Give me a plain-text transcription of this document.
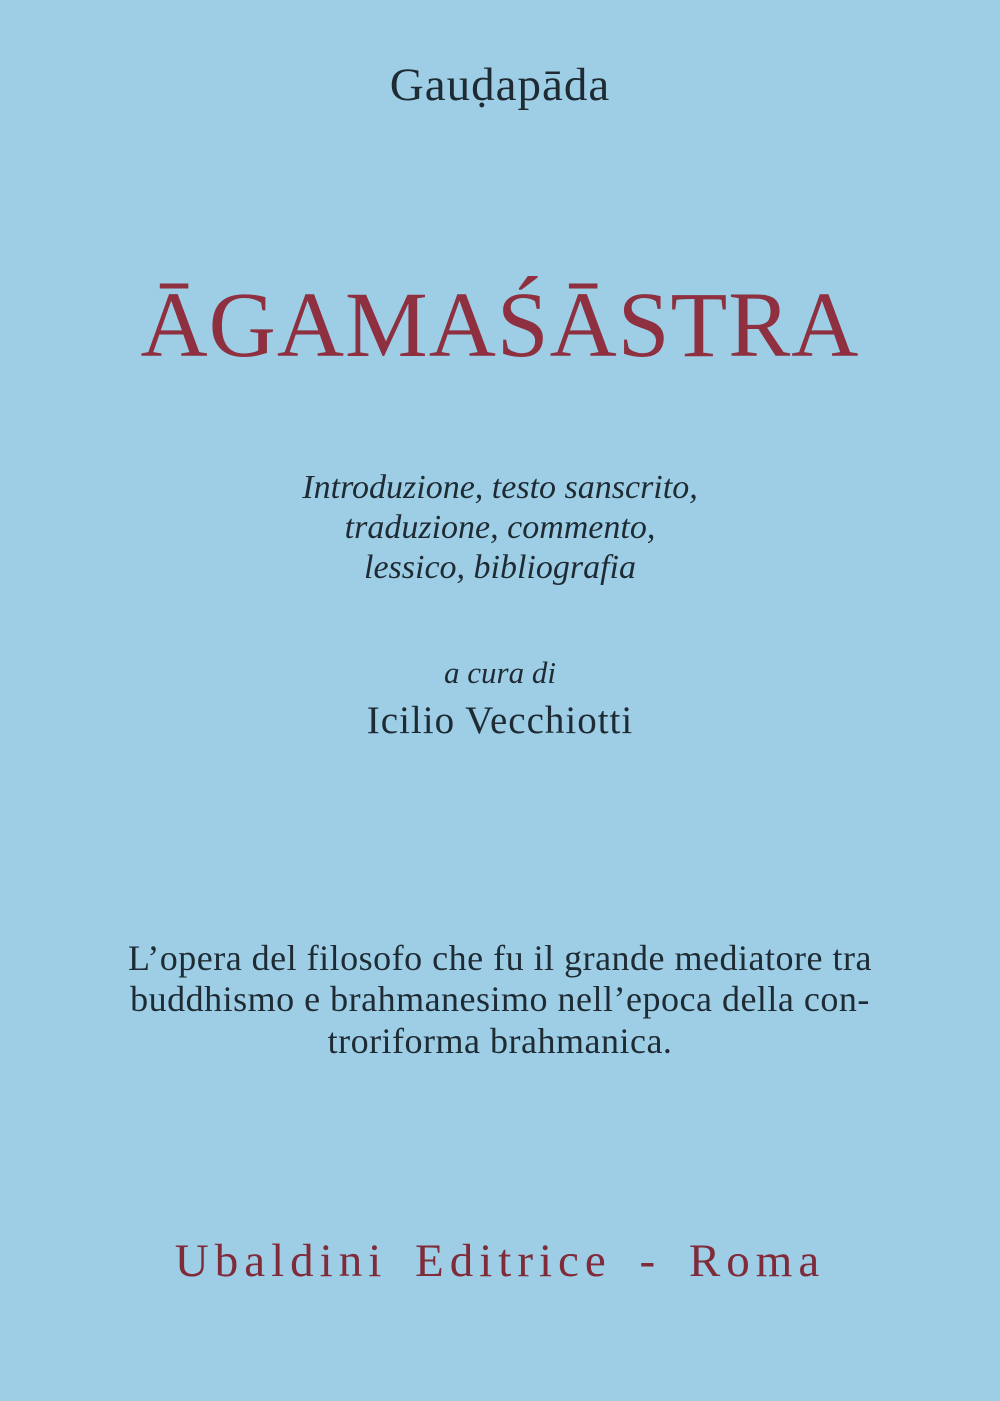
Gauḍapāda
ĀGAMAŚĀSTRA
Introduzione, testo sanscrito,
traduzione, commento,
lessico, bibliografia
a cura di
Icilio Vecchiotti
L’opera del filosofo che fu il grande mediatore tra
buddhismo e brahmanesimo nell’epoca della con-
troriforma brahmanica.
Ubaldini Editrice - Roma
